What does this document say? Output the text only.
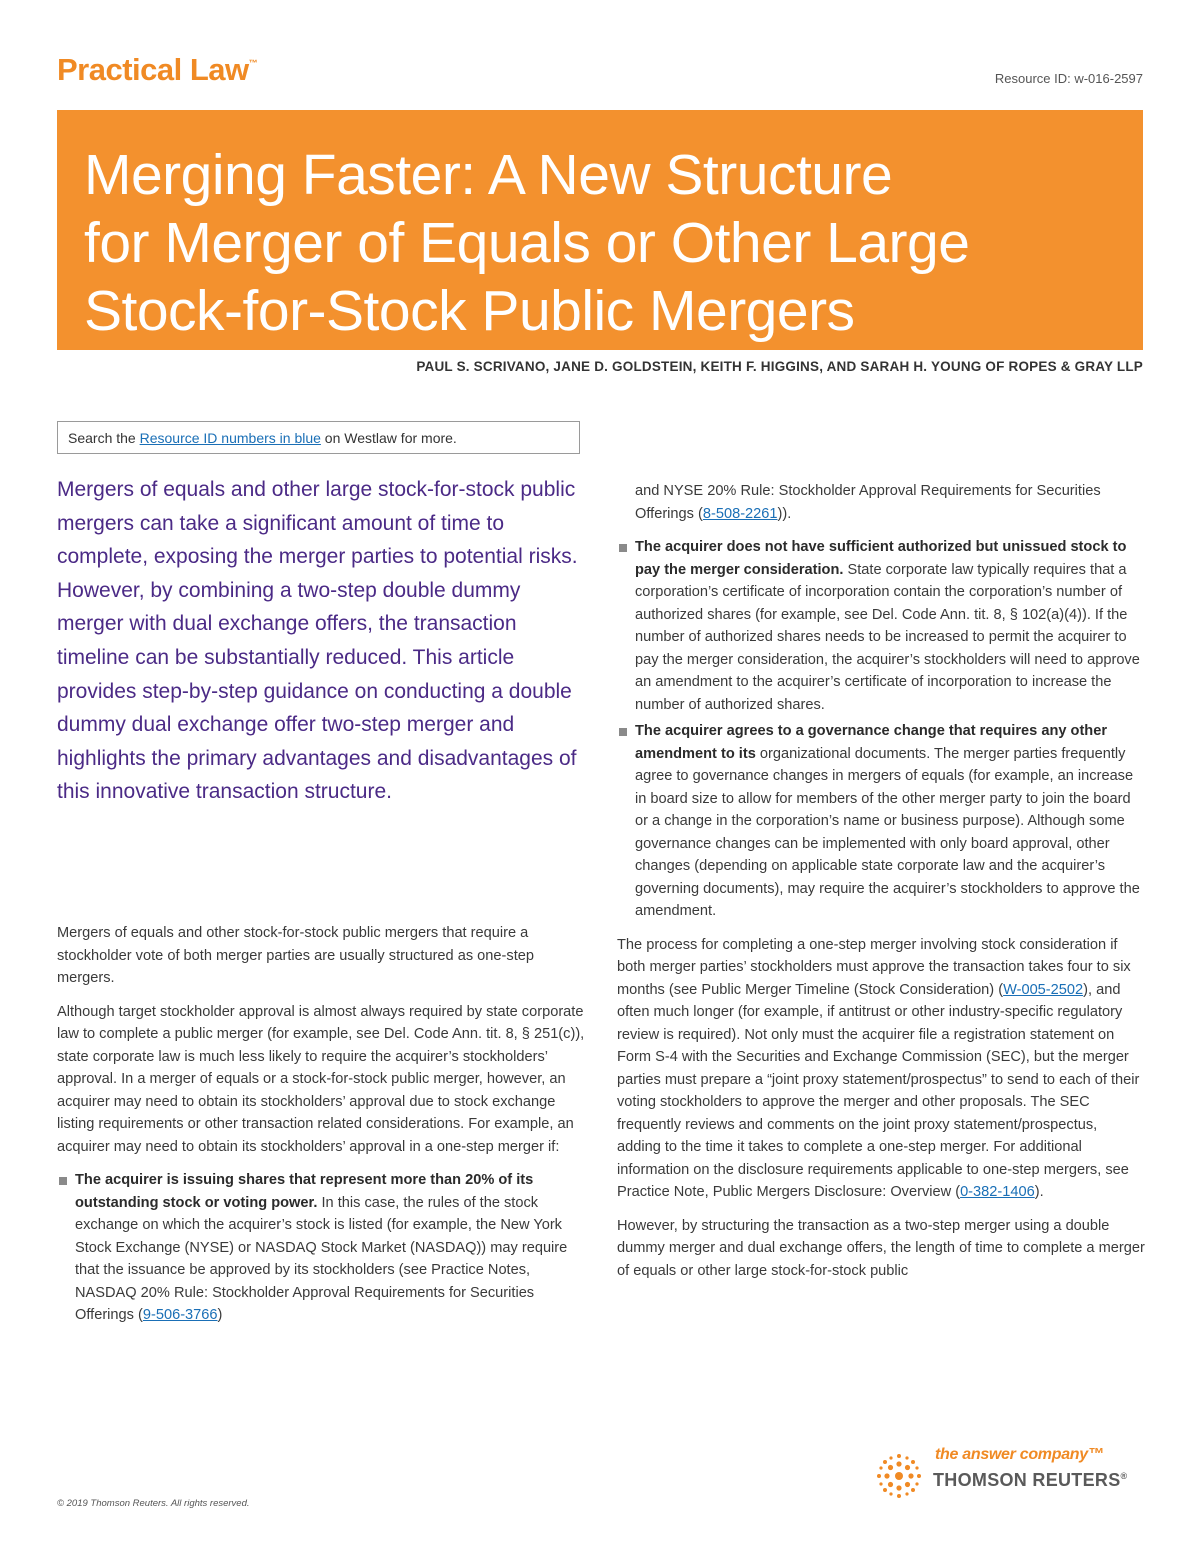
Practical Law™
Resource ID: w-016-2597
Merging Faster: A New Structure
for Merger of Equals or Other Large
Stock-for-Stock Public Mergers
PAUL S. SCRIVANO, JANE D. GOLDSTEIN, KEITH F. HIGGINS, AND SARAH H. YOUNG OF ROPES & GRAY LLP
Search the Resource ID numbers in blue on Westlaw for more.
Mergers of equals and other large stock-for-stock public mergers can take a significant amount of time to complete, exposing the merger parties to potential risks. However, by combining a two-step double dummy merger with dual exchange offers, the transaction timeline can be substantially reduced. This article provides step-by-step guidance on conducting a double dummy dual exchange offer two-step merger and highlights the primary advantages and disadvantages of this innovative transaction structure.

Mergers of equals and other stock-for-stock public mergers that require a stockholder vote of both merger parties are usually structured as one-step mergers.

Although target stockholder approval is almost always required by state corporate law to complete a public merger (for example, see Del. Code Ann. tit. 8, § 251(c)), state corporate law is much less likely to require the acquirer’s stockholders’ approval. In a merger of equals or a stock-for-stock public merger, however, an acquirer may need to obtain its stockholders’ approval due to stock exchange listing requirements or other transaction related considerations. For example, an acquirer may need to obtain its stockholders’ approval in a one-step merger if:

The acquirer is issuing shares that represent more than 20% of its outstanding stock or voting power. In this case, the rules of the stock exchange on which the acquirer’s stock is listed (for example, the New York Stock Exchange (NYSE) or NASDAQ Stock Market (NASDAQ)) may require that the issuance be approved by its stockholders (see Practice Notes, NASDAQ 20% Rule: Stockholder Approval Requirements for Securities Offerings (9-506-3766)

and NYSE 20% Rule: Stockholder Approval Requirements for Securities Offerings (8-508-2261)).

The acquirer does not have sufficient authorized but unissued stock to pay the merger consideration. State corporate law typically requires that a corporation’s certificate of incorporation contain the corporation’s number of authorized shares (for example, see Del. Code Ann. tit. 8, § 102(a)(4)). If the number of authorized shares needs to be increased to permit the acquirer to pay the merger consideration, the acquirer’s stockholders will need to approve an amendment to the acquirer’s certificate of incorporation to increase the number of authorized shares.
The acquirer agrees to a governance change that requires any other amendment to its organizational documents. The merger parties frequently agree to governance changes in mergers of equals (for example, an increase in board size to allow for members of the other merger party to join the board or a change in the corporation’s name or business purpose). Although some governance changes can be implemented with only board approval, other changes (depending on applicable state corporate law and the acquirer’s governing documents), may require the acquirer’s stockholders to approve the amendment.

The process for completing a one-step merger involving stock consideration if both merger parties’ stockholders must approve the transaction takes four to six months (see Public Merger Timeline (Stock Consideration) (W-005-2502), and often much longer (for example, if antitrust or other industry-specific regulatory review is required). Not only must the acquirer file a registration statement on Form S-4 with the Securities and Exchange Commission (SEC), but the merger parties must prepare a “joint proxy statement/prospectus” to send to each of their voting stockholders to approve the merger and other proposals. The SEC frequently reviews and comments on the joint proxy statement/prospectus, adding to the time it takes to complete a one-step merger. For additional information on the disclosure requirements applicable to one-step mergers, see Practice Note, Public Mergers Disclosure: Overview (0-382-1406).

However, by structuring the transaction as a two-step merger using a double dummy merger and dual exchange offers, the length of time to complete a merger of equals or other large stock-for-stock public

© 2019 Thomson Reuters. All rights reserved.
the answer company™
THOMSON REUTERS®
